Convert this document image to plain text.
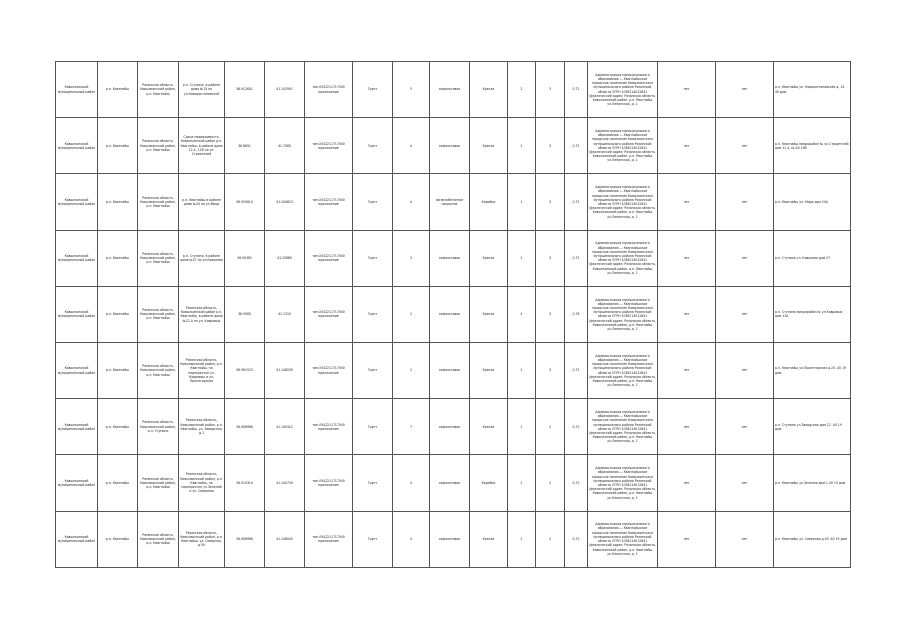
Ковылкинский муниципальный район	р.п. Квагнайш	Рязанская область, Ковылкинский район, р.п. Квагнайш	р.п. Ступино, в районе дома №15 по ул.Новоростоновской	36.912641	41.142901	тип-0542211717000 приложение	Грунт	5	асфальтовое	Кресла	2	3	0,72	Администрация муниципального образования — Квагнайшское городское поселение Ковылкинского муниципального района Рязанской области ОГРН 1056214012841 (фактический адрес: Рязанская область, Ковылкинский район, р.п. Квагнайш ул.Ленинская, д. 1	нет	нет	р.п. Квагнайш ул. Новоростоновская д. 15-40 дом
Ковылкинский муниципальный район	р.п. Квагнайш	Рязанская область, Ковылкинский район, р.п. Квагнайш	Сдача недвижимость, Ковылкинский район р.п. Квагнайш, в районе дома 12 А, 12В по ул. Строителей	36.8651	41.7083	тип-0542211717000 приложение	Грунт	4	асфальтовое	Кресла	2	3	0,72	Администрация муниципального образования — Квагнайшское городское поселение Ковылкинского муниципального района Рязанской области ОГРН 1056214012841 (фактический адрес: Рязанская область, Ковылкинский район, р.п. Квагнайш ул.Ленинская, д. 1	нет	нет	р.п. Квагнайш микрорайон № ул.Строителей дом 12 А, №-40 19В
Ковылкинский муниципальный район	р.п. Квагнайш	Рязанская область, Ковылкинский район, р.п. Квагнайш	р.п. Квагнайш в районе дома №20 по ул.Мира	36.905814	41.164823	тип-0542211717000 приложение	Грунт	4	железобетонное покрытие	Коробки	1	3	0,72	Администрация муниципального образования — Квагнайшское городское поселение Ковылкинского муниципального района Рязанской области ОГРН 1056214012841 (фактический адрес: Рязанская область, Ковылкинский район, р.п. Квагнайш ул.Ленинская, д. 1	нет	нет	р.п. Квагнайш ул. Мира дом 20А
Ковылкинский муниципальный район	р.п. Квагнайш	Рязанская область, Ковылкинский район, р.п. Квагнайш	р.п. Ступино, в районе дома №27 по ул.Ковалева	36.90362	41.25880	тип-0542211717000 приложение	Грунт	3	асфальтовое	Кресла	2	3	0,72	Администрация муниципального образования — Квагнайшское городское поселение Ковылкинского муниципального района Рязанской области ОГРН 1056214012841 (фактический адрес: Рязанская область, Ковылкинский район, р.п. Квагнайш ул.Ленинская, д. 1	нет	нет	р.п. Ступино ул. Ковалева дом 27
Ковылкинский муниципальный район	р.п. Квагнайш	Рязанская область, Ковылкинский район, р.п. Квагнайш	Рязанская область, Ковылкинский район р.п. Квагнайш, в районе дома №12 А по ул. Ковровых	36.9083	41.1310	тип-0542211717000 приложение	Грунт	2	асфальтовое	Кресла	4	3	0,78	Администрация муниципального образования — Квагнайшское городское поселение Ковылкинского муниципального района Рязанской области ОГРН 1056214012841 (фактический адрес: Рязанская область, Ковылкинский район, р.п. Квагнайш ул.Ленинская, д. 1	нет	нет	р.п. Ступино микрорайон № ул.Ковровых дом 12А
Ковылкинский муниципальный район	р.п. Квагнайш	Рязанская область, Ковылкинский район, р.п. Квагнайш	Рязанская область, Ковылкинский район, р.п. Квагнайш, на перекрестке ул. Ковровых и ул. Пролетарская	36.961523	41.148039	тип-0542211717000 приложение	Грунт	2	асфальтовое	Кресла	2	3	0,72	Администрация муниципального образования — Квагнайшское городское поселение Ковылкинского муниципального района Рязанской области ОГРН 1056214012841 (фактический адрес: Рязанская область, Ковылкинский район, р.п. Квагнайш ул.Ленинская, д. 1	нет	нет	р.п. Квагнайш ул.Пролетарская д.23 -40 19 дом
Ковылкинский муниципальный район	р.п. Квагнайш	Рязанская область, Ковылкинский район, р.п. Ступино	Рязанская область, Ковылкинский район, р.п. Квагнайш, ул. Заводская, д.1	36.908986	41.140312	тип-0542211717000 приложение	Грунт	7	асфальтовое	Кресла	1	3	0,72	Администрация муниципального образования — Квагнайшское городское поселение Ковылкинского муниципального района Рязанской области ОГРН 1056214012841 (фактический адрес: Рязанская область, Ковылкинский район, р.п. Квагнайш ул.Ленинская, д. 1	нет	нет	р.п. Ступино ул.Заводская дом 12 -40 19 дом
Ковылкинский муниципальный район	р.п. Квагнайш	Рязанская область, Ковылкинский район, р.п. Квагнайш	Рязанская область, Ковылкинский район, р.п. Квагнайш, на перекрестке ул.Зеленой и ул. Северная	36.910314	41.140734	тип-0542211717000 приложение	Грунт	4	асфальтовое	Коробки	2	3	0,72	Администрация муниципального образования — Квагнайшское городское поселение Ковылкинского муниципального района Рязанской области ОГРН 1056214012841 (фактический адрес: Рязанская область, Ковылкинский район, р.п. Квагнайш ул.Ленинская, д. 1	нет	нет	р.п. Квагнайш ул.Зеленая дом 1-40 19 дом
Ковылкинский муниципальный район	р.п. Квагнайш	Рязанская область, Ковылкинский район, р.п. Квагнайш	Рязанская область, Ковылкинский район, р.п. Квагнайш, ул. Северная, д.59	36.908986	41.148040	тип-0542211717000 приложение	Грунт	4	асфальтовое	Кресла	2	3	0,72	Администрация муниципального образования — Квагнайшское городское поселение Ковылкинского муниципального района Рязанской области ОГРН 1056214012841 (фактический адрес: Рязанская область, Ковылкинский район, р.п. Квагнайш ул.Ленинская, д. 1	нет	нет	р.п. Квагнайш ул. Северная д.59 -40 19 дом
